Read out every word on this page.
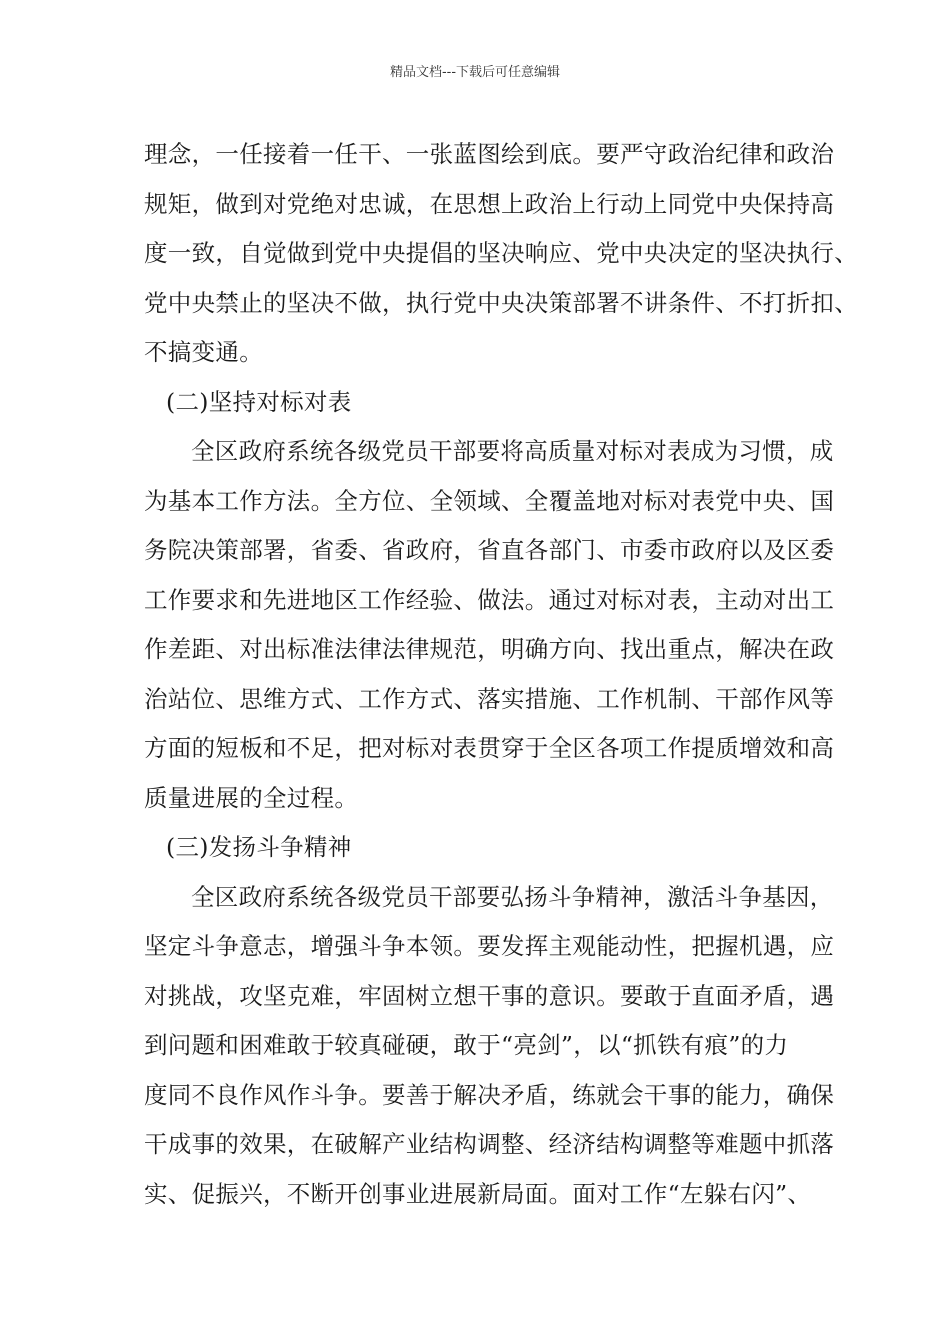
精品文档---下载后可任意编辑
理念，一任接着一任干、一张蓝图绘到底。要严守政治纪律和政治
规矩，做到对党绝对忠诚，在思想上政治上行动上同党中央保持高
度一致，自觉做到党中央提倡的坚决响应、党中央决定的坚决执行、
党中央禁止的坚决不做，执行党中央决策部署不讲条件、不打折扣、
不搞变通。
(二)坚持对标对表
全区政府系统各级党员干部要将高质量对标对表成为习惯，成
为基本工作方法。全方位、全领域、全覆盖地对标对表党中央、国
务院决策部署，省委、省政府，省直各部门、市委市政府以及区委
工作要求和先进地区工作经验、做法。通过对标对表，主动对出工
作差距、对出标准法律法律规范，明确方向、找出重点，解决在政
治站位、思维方式、工作方式、落实措施、工作机制、干部作风等
方面的短板和不足，把对标对表贯穿于全区各项工作提质增效和高
质量进展的全过程。
(三)发扬斗争精神
全区政府系统各级党员干部要弘扬斗争精神，激活斗争基因，
坚定斗争意志，增强斗争本领。要发挥主观能动性，把握机遇，应
对挑战，攻坚克难，牢固树立想干事的意识。要敢于直面矛盾，遇
到问题和困难敢于较真碰硬，敢于“亮剑”，以“抓铁有痕”的力
度同不良作风作斗争。要善于解决矛盾，练就会干事的能力，确保
干成事的效果，在破解产业结构调整、经济结构调整等难题中抓落
实、促振兴，不断开创事业进展新局面。面对工作“左躲右闪”、
